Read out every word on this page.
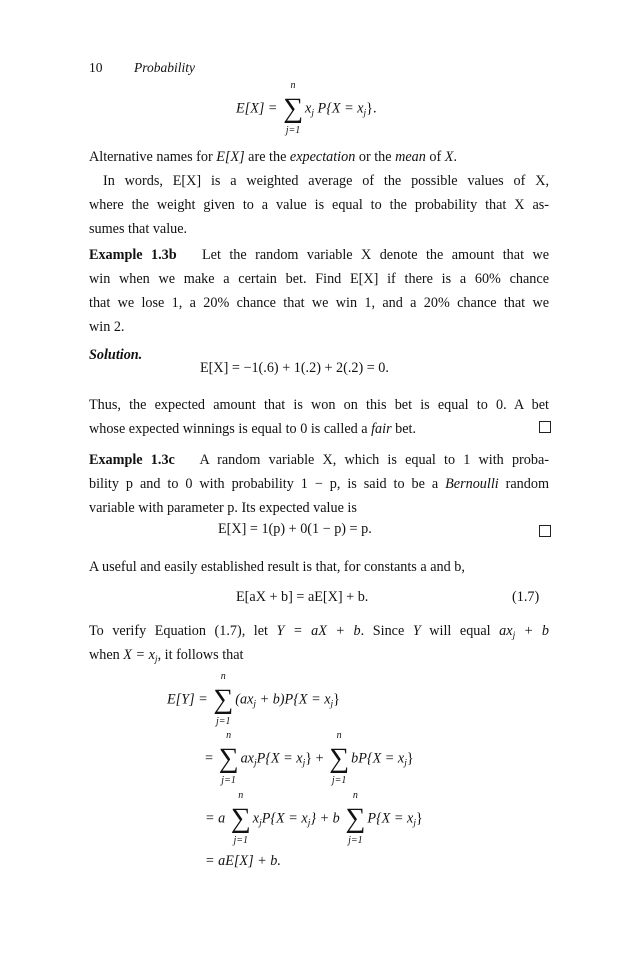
10 Probability
E[X] =
n
∑
j=1
$x_j$ $P\{X = x_j\}$.
Alternative names for E[X] are the expectation or the mean of X.
In words, E[X] is a weighted average of the possible values of X,
where the weight given to a value is equal to the probability that X as-
sumes that value.
Example 1.3b Let the random variable X denote the amount that we
win when we make a certain bet. Find E[X] if there is a 60% chance
that we lose 1, a 20% chance that we win 1, and a 20% chance that we
win 2.
Solution.
E[X] = −1(.6) + 1(.2) + 2(.2) = 0.
Thus, the expected amount that is won on this bet is equal to 0. A bet
whose expected winnings is equal to 0 is called a fair bet.
Example 1.3c A random variable X, which is equal to 1 with proba-
bility p and to 0 with probability 1 − p, is said to be a Bernoulli random
variable with parameter p. Its expected value is
E[X] = 1(p) + 0(1 − p) = p.
A useful and easily established result is that, for constants a and b,
E[aX + b] = aE[X] + b.	(1.7)
To verify Equation (1.7), let Y = aX + b. Since Y will equal $ax_j + b$
when $X = x_j$, it follows that
E[Y] =
n
∑
j=1
$(ax_j + b)P\{X = x_j\}$
=
n
∑
j=1
$ax_jP\{X = x_j\}$ +
n
∑
j=1
$bP\{X = x_j\}$
= a
n
∑
j=1
$x_jP\{X = x_j\} + b$
n
∑
j=1
$P\{X = x_j\}$
= aE[X] + b.
